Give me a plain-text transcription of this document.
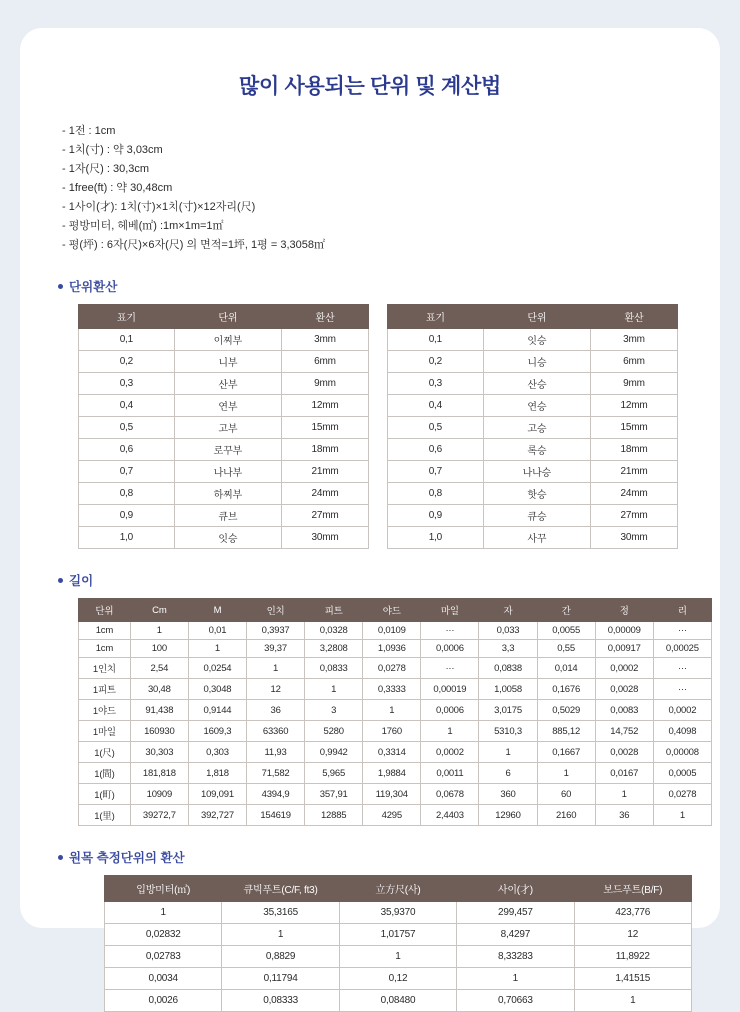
많이 사용되는 단위 및 계산법
- 1전 : 1cm
- 1치(寸) : 약 3,03cm
- 1자(尺) : 30,3cm
- 1free(ft) : 약 30,48cm
- 1사이(才): 1치(寸)×1치(寸)×12자리(尺)
- 평방미터, 헤베(㎡) :1m×1m=1㎡
- 평(坪) : 6자(尺)×6자(尺) 의 면적=1坪, 1평 = 3,3058㎡
단위환산
표기	단위	환산
0,1	이찌부	3mm
0,2	니부	6mm
0,3	산부	9mm
0,4	연부	12mm
0,5	고부	15mm
0,6	로꾸부	18mm
0,7	나나부	21mm
0,8	하찌부	24mm
0,9	큐브	27mm
1,0	잇승	30mm
표기	단위	환산
0,1	잇승	3mm
0,2	니승	6mm
0,3	산승	9mm
0,4	연승	12mm
0,5	고승	15mm
0,6	록승	18mm
0,7	나나승	21mm
0,8	핫승	24mm
0,9	큐승	27mm
1,0	사꾸	30mm
길이
단위	Cm	M	인치	피트	야드	마일	자	간	정	리
1cm	1	0,01	0,3937	0,0328	0,0109	···	0,033	0,0055	0,00009	···
1cm	100	1	39,37	3,2808	1,0936	0,0006	3,3	0,55	0,00917	0,00025
1인치	2,54	0,0254	1	0,0833	0,0278	···	0,0838	0,014	0,0002	···
1피트	30,48	0,3048	12	1	0,3333	0,00019	1,0058	0,1676	0,0028	···
1야드	91,438	0,9144	36	3	1	0,0006	3,0175	0,5029	0,0083	0,0002
1마일	160930	1609,3	63360	5280	1760	1	5310,3	885,12	14,752	0,4098
1(尺)	30,303	0,303	11,93	0,9942	0,3314	0,0002	1	0,1667	0,0028	0,00008
1(間)	181,818	1,818	71,582	5,965	1,9884	0,0011	6	1	0,0167	0,0005
1(町)	10909	109,091	4394,9	357,91	119,304	0,0678	360	60	1	0,0278
1(里)	39272,7	392,727	154619	12885	4295	2,4403	12960	2160	36	1
원목 측정단위의 환산
입방미터(㎥)	큐빅푸트(C/F, ft3)	立方尺(사)	사이(才)	보드푸트(B/F)
1	35,3165	35,9370	299,457	423,776
0,02832	1	1,01757	8,4297	12
0,02783	0,8829	1	8,33283	11,8922
0,0034	0,11794	0,12	1	1,41515
0,0026	0,08333	0,08480	0,70663	1
